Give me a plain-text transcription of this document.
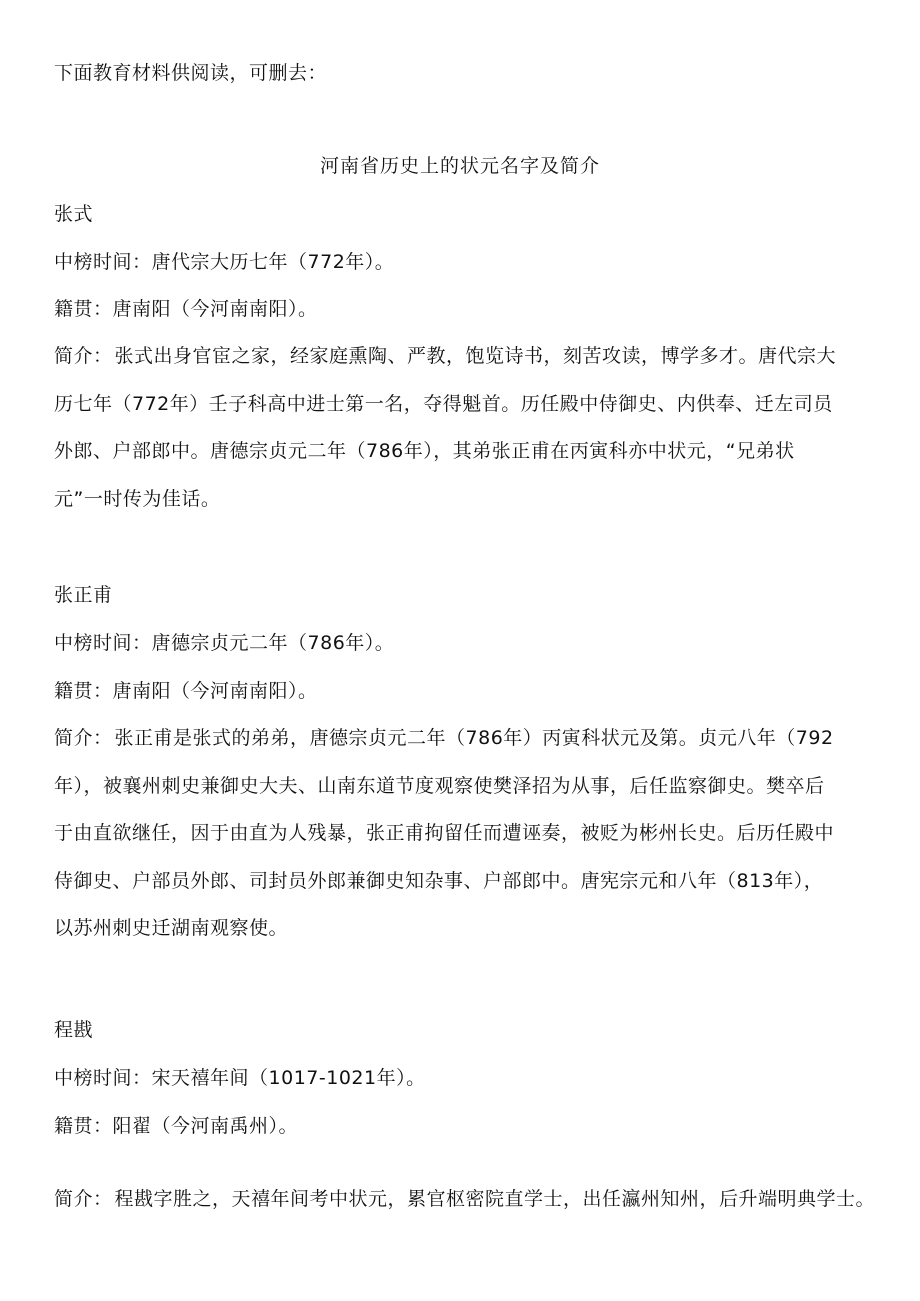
下面教育材料供阅读，可删去：
河南省历史上的状元名字及简介
张式
中榜时间：唐代宗大历七年（772年）。
籍贯：唐南阳（今河南南阳）。
简介： 张式出身官宦之家，经家庭熏陶、严教，饱览诗书，刻苦攻读，博学多才。唐代宗大
历七年（772年）壬子科高中进士第一名，夺得魁首。历任殿中侍御史、内供奉、迁左司员
外郎、户部郎中。唐德宗贞元二年（786年），其弟张正甫在丙寅科亦中状元，“兄弟状
元”一时传为佳话。
张正甫
中榜时间：唐德宗贞元二年（786年）。
籍贯：唐南阳（今河南南阳）。
简介： 张正甫是张式的弟弟，唐德宗贞元二年（786年）丙寅科状元及第。贞元八年（792
年），被襄州刺史兼御史大夫、山南东道节度观察使樊泽招为从事，后任监察御史。樊卒后
于由直欲继任，因于由直为人残暴，张正甫拘留任而遭诬奏，被贬为彬州长史。后历任殿中
侍御史、户部员外郎、司封员外郎兼御史知杂事、户部郎中。唐宪宗元和八年（813年），
以苏州刺史迁湖南观察使。
程戡
中榜时间：宋天禧年间（1017-1021年）。
籍贯：阳翟（今河南禹州）。
简介： 程戡字胜之，天禧年间考中状元，累官枢密院直学士，出任瀛州知州，后升端明典学士。
